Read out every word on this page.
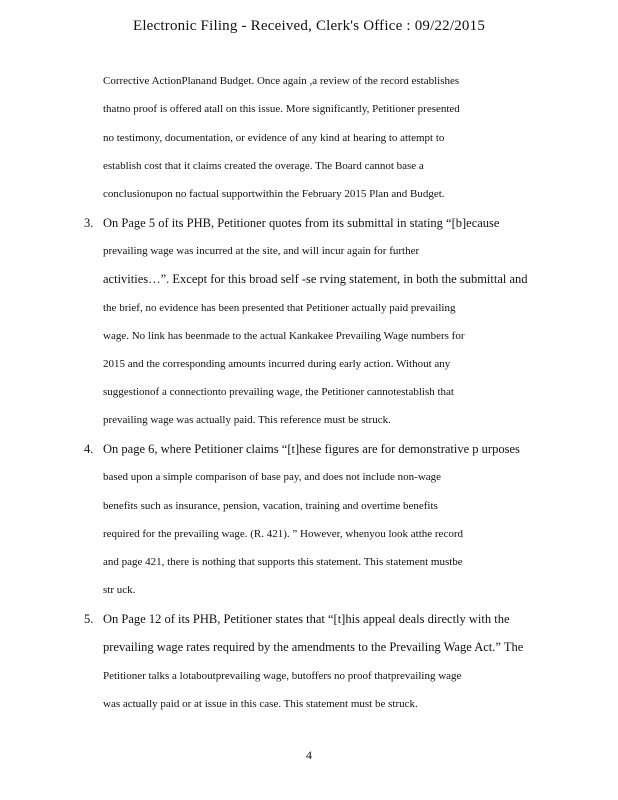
Electronic Filing - Received, Clerk's Office : 09/22/2015
Corrective ActionPlanand Budget. Once again ,a review of the record establishes
thatno proof is offered atall on this issue. More significantly, Petitioner presented
no testimony, documentation, or evidence of any kind at hearing to attempt to
establish cost that it claims created the overage. The Board cannot base a
conclusionupon no factual supportwithin the February 2015 Plan and Budget.
3. On Page 5 of its PHB, Petitioner quotes from its submittal in stating “[b]ecause
prevailing wage was incurred at the site, and will incur again for further
activities…”. Except for this broad self -se rving statement, in both the submittal and
the brief, no evidence has been presented that Petitioner actually paid prevailing
wage. No link has beenmade to the actual Kankakee Prevailing Wage numbers for
2015 and the corresponding amounts incurred during early action. Without any
suggestionof a connectionto prevailing wage, the Petitioner cannotestablish that
prevailing wage was actually paid. This reference must be struck.
4. On page 6, where Petitioner claims “[t]hese figures are for demonstrative p urposes
based upon a simple comparison of base pay, and does not include non-wage
benefits such as insurance, pension, vacation, training and overtime benefits
required for the prevailing wage. (R. 421). ” However, whenyou look atthe record
and page 421, there is nothing that supports this statement. This statement mustbe
str uck.
5. On Page 12 of its PHB, Petitioner states that “[t]his appeal deals directly with the
prevailing wage rates required by the amendments to the Prevailing Wage Act.” The
Petitioner talks a lotaboutprevailing wage, butoffers no proof thatprevailing wage
was actually paid or at issue in this case. This statement must be struck.
4
